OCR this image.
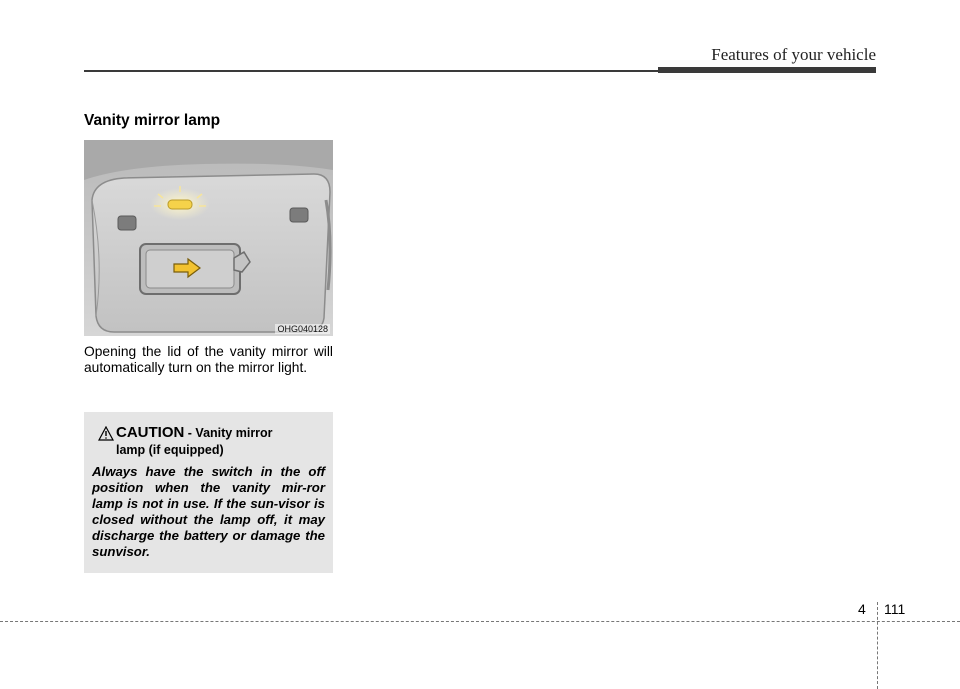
Features of your vehicle
Vanity mirror lamp
OHG040128
Opening the lid of the vanity mirror will automatically turn on the mirror light.
CAUTION - Vanity mirror
lamp (if equipped)
Always have the switch in the off position when the vanity mir-ror lamp is not in use. If the sun-visor is closed without the lamp off, it may discharge the battery or damage the sunvisor.
4 111
